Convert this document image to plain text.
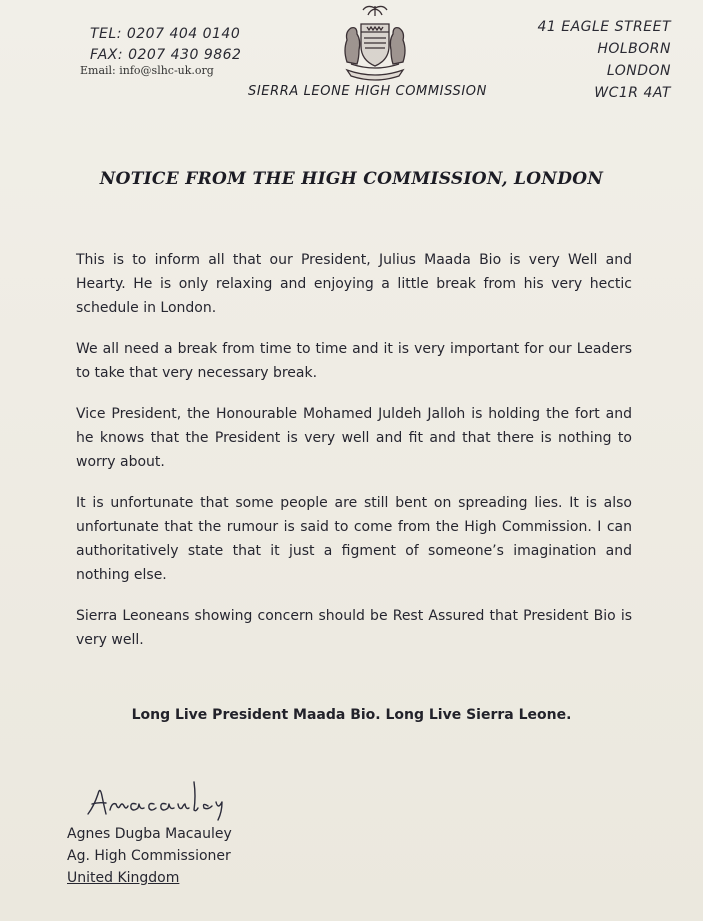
TEL: 0207 404 0140
FAX: 0207 430 9862
Email: info@slhc-uk.org
SIERRA LEONE HIGH COMMISSION
41 EAGLE STREET
HOLBORN
LONDON
WC1R 4AT
NOTICE FROM THE HIGH COMMISSION, LONDON

This is to inform all that our President, Julius Maada Bio is very Well and Hearty. He is only relaxing and enjoying a little break from his very hectic schedule in London.

We all need a break from time to time and it is very important for our Leaders to take that very necessary break.

Vice President, the Honourable Mohamed Juldeh Jalloh is holding the fort and he knows that the President is very well and fit and that there is nothing to worry about.

It is unfortunate that some people are still bent on spreading lies. It is also unfortunate that the rumour is said to come from the High Commission. I can authoritatively state that it just a figment of someone’s imagination and nothing else.

Sierra Leoneans showing concern should be Rest Assured that President Bio is very well.

Long Live President Maada Bio. Long Live Sierra Leone.
Agnes Dugba Macauley
Ag. High Commissioner
United Kingdom
